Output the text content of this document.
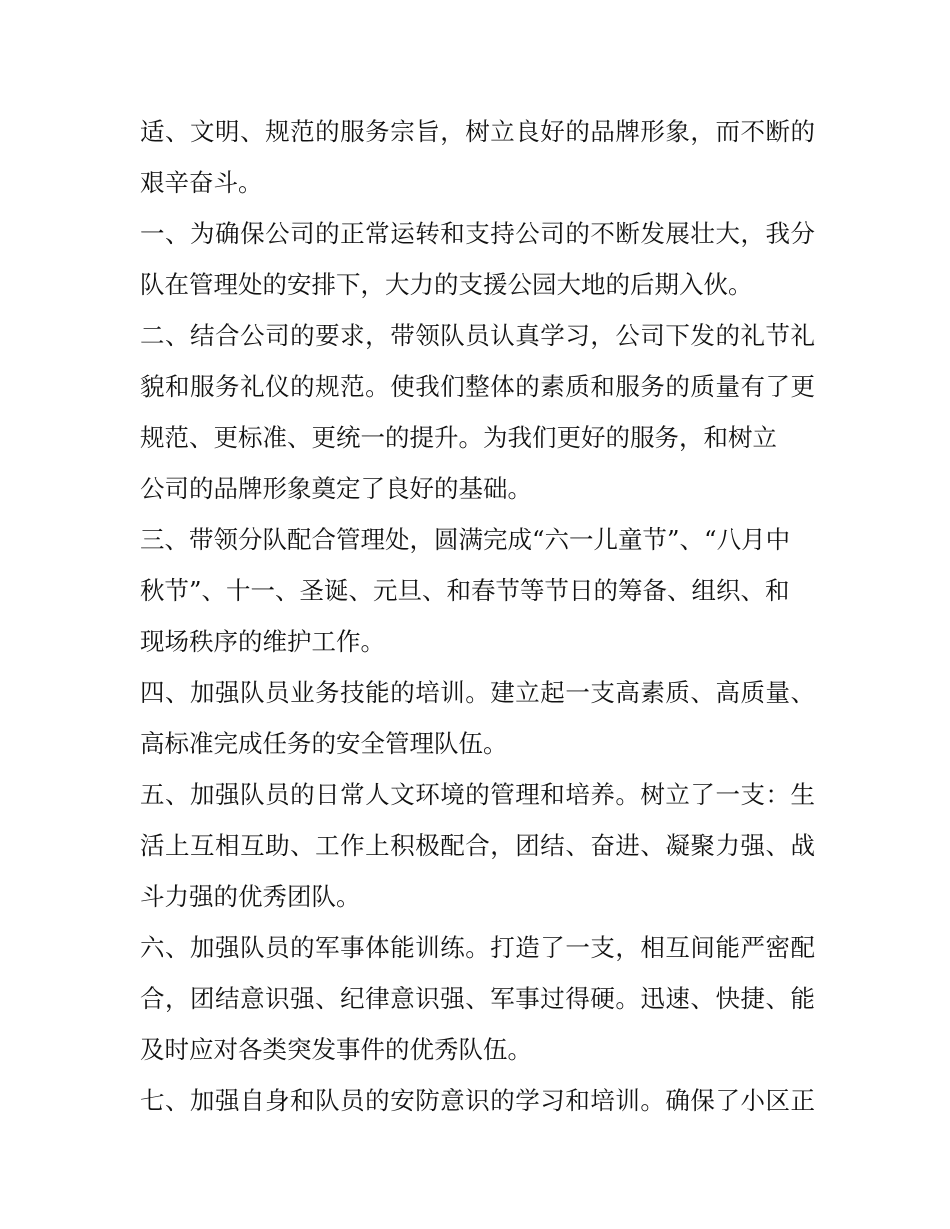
适、文明、规范的服务宗旨，树立良好的品牌形象，而不断的
艰辛奋斗。
一、为确保公司的正常运转和支持公司的不断发展壮大，我分
队在管理处的安排下，大力的支援公园大地的后期入伙。
二、结合公司的要求，带领队员认真学习，公司下发的礼节礼
貌和服务礼仪的规范。使我们整体的素质和服务的质量有了更
规范、更标准、更统一的提升。为我们更好的服务，和树立
公司的品牌形象奠定了良好的基础。
三、带领分队配合管理处，圆满完成“六一儿童节”、“八月中
秋节”、十一、圣诞、元旦、和春节等节日的筹备、组织、和
现场秩序的维护工作。
四、加强队员业务技能的培训。建立起一支高素质、高质量、
高标准完成任务的安全管理队伍。
五、加强队员的日常人文环境的管理和培养。树立了一支：生
活上互相互助、工作上积极配合，团结、奋进、凝聚力强、战
斗力强的优秀团队。
六、加强队员的军事体能训练。打造了一支，相互间能严密配
合，团结意识强、纪律意识强、军事过得硬。迅速、快捷、能
及时应对各类突发事件的优秀队伍。
七、加强自身和队员的安防意识的学习和培训。确保了小区正
